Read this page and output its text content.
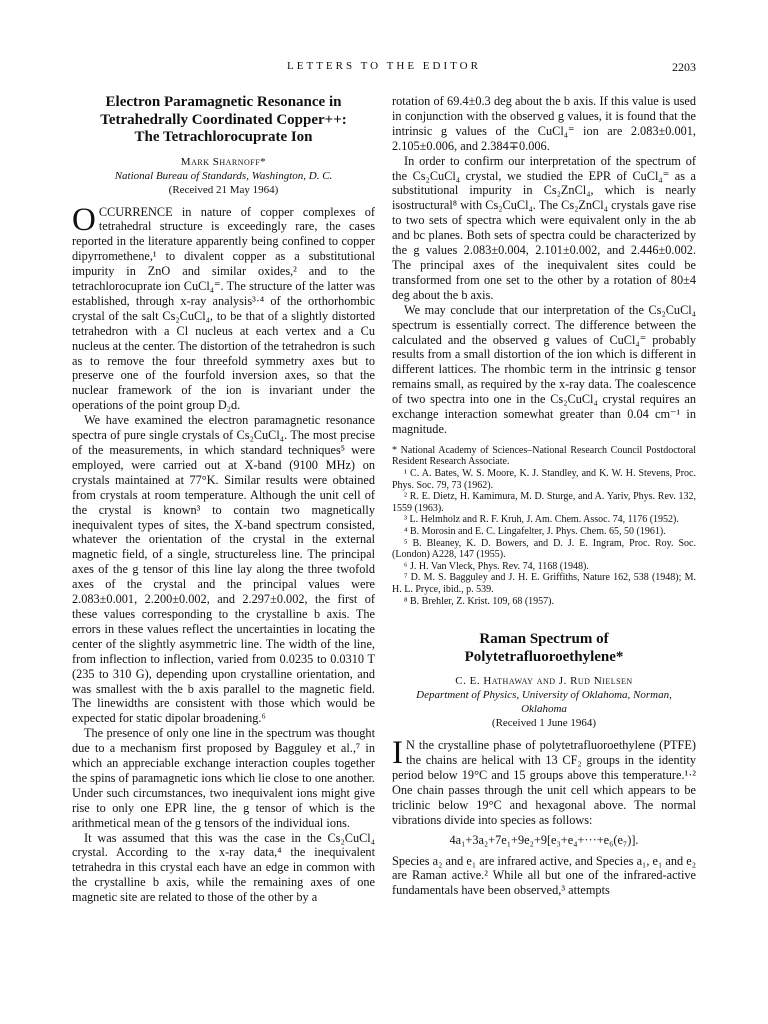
LETTERS TO THE EDITOR	2203
Electron Paramagnetic Resonance in
Tetrahedrally Coordinated Copper++:
The Tetrachlorocuprate Ion
Mark Sharnoff*
National Bureau of Standards, Washington, D. C.
(Received 21 May 1964)

OCCURRENCE in nature of copper complexes of tetrahedral structure is exceedingly rare, the cases reported in the literature apparently being confined to copper dipyrromethene,¹ to divalent copper as a substitutional impurity in ZnO and similar oxides,² and to the tetrachlorocuprate ion CuCl₄⁼. The structure of the latter was established, through x-ray analysis³·⁴ of the orthorhombic crystal of the salt Cs₂CuCl₄, to be that of a slightly distorted tetrahedron with a Cl nucleus at each vertex and a Cu nucleus at the center. The distortion of the tetrahedron is such as to remove the four threefold symmetry axes but to preserve one of the fourfold inversion axes, so that the nuclear framework of the ion is invariant under the operations of the point group D₂d.

We have examined the electron paramagnetic resonance spectra of pure single crystals of Cs₂CuCl₄. The most precise of the measurements, in which standard techniques⁵ were employed, were carried out at X-band (9100 MHz) on crystals maintained at 77°K. Similar results were obtained from crystals at room temperature. Although the unit cell of the crystal is known³ to contain two magnetically inequivalent types of sites, the X-band spectrum consisted, whatever the orientation of the crystal in the external magnetic field, of a single, structureless line. The principal axes of the g tensor of this line lay along the three twofold axes of the crystal and the principal values were 2.083±0.001, 2.200±0.002, and 2.297±0.002, the first of these values corresponding to the crystalline b axis. The errors in these values reflect the uncertainties in locating the center of the slightly asymmetric line. The width of the line, from inflection to inflection, varied from 0.0235 to 0.0310 T (235 to 310 G), depending upon crystalline orientation, and was smallest with the b axis parallel to the magnetic field. The linewidths are consistent with those which would be expected for static dipolar broadening.⁶

The presence of only one line in the spectrum was thought due to a mechanism first proposed by Bagguley et al.,⁷ in which an appreciable exchange interaction couples together the spins of paramagnetic ions which lie close to one another. Under such circumstances, two inequivalent ions might give rise to only one EPR line, the g tensor of which is the arithmetical mean of the g tensors of the individual ions.

It was assumed that this was the case in the Cs₂CuCl₄ crystal. According to the x-ray data,⁴ the inequivalent tetrahedra in this crystal each have an edge in common with the crystalline b axis, while the remaining axes of one magnetic site are related to those of the other by a

rotation of 69.4±0.3 deg about the b axis. If this value is used in conjunction with the observed g values, it is found that the intrinsic g values of the CuCl₄⁼ ion are 2.083±0.001, 2.105±0.006, and 2.384∓0.006.

In order to confirm our interpretation of the spectrum of the Cs₂CuCl₄ crystal, we studied the EPR of CuCl₄⁼ as a substitutional impurity in Cs₂ZnCl₄, which is nearly isostructural⁸ with Cs₂CuCl₄. The Cs₂ZnCl₄ crystals gave rise to two sets of spectra which were equivalent only in the ab and bc planes. Both sets of spectra could be characterized by the g values 2.083±0.004, 2.101±0.002, and 2.446±0.002. The principal axes of the inequivalent sites could be transformed from one set to the other by a rotation of 80±4 deg about the b axis.

We may conclude that our interpretation of the Cs₂CuCl₄ spectrum is essentially correct. The difference between the calculated and the observed g values of CuCl₄⁼ probably results from a small distortion of the ion which is different in different lattices. The rhombic term in the intrinsic g tensor remains small, as required by the x-ray data. The coalescence of two spectra into one in the Cs₂CuCl₄ crystal requires an exchange interaction somewhat greater than 0.04 cm⁻¹ in magnitude.

* National Academy of Sciences–National Research Council Postdoctoral Resident Research Associate.

¹ C. A. Bates, W. S. Moore, K. J. Standley, and K. W. H. Stevens, Proc. Phys. Soc. 79, 73 (1962).

² R. E. Dietz, H. Kamimura, M. D. Sturge, and A. Yariv, Phys. Rev. 132, 1559 (1963).

³ L. Helmholz and R. F. Kruh, J. Am. Chem. Assoc. 74, 1176 (1952).

⁴ B. Morosin and E. C. Lingafelter, J. Phys. Chem. 65, 50 (1961).

⁵ B. Bleaney, K. D. Bowers, and D. J. E. Ingram, Proc. Roy. Soc. (London) A228, 147 (1955).

⁶ J. H. Van Vleck, Phys. Rev. 74, 1168 (1948).

⁷ D. M. S. Bagguley and J. H. E. Griffiths, Nature 162, 538 (1948); M. H. L. Pryce, ibid., p. 539.

⁸ B. Brehler, Z. Krist. 109, 68 (1957).

Raman Spectrum of
Polytetrafluoroethylene*
C. E. Hathaway and J. Rud Nielsen
Department of Physics, University of Oklahoma, Norman, Oklahoma
(Received 1 June 1964)

I N the crystalline phase of polytetrafluoroethylene (PTFE) the chains are helical with 13 CF₂ groups in the identity period below 19°C and 15 groups above this temperature.¹·² One chain passes through the unit cell which appears to be triclinic below 19°C and hexagonal above. The normal vibrations divide into species as follows:

4a₁+3a₂+7e₁+9e₂+9[e₃+e₄+···+e₆(e₇)].

Species a₂ and e₁ are infrared active, and Species a₁, e₁ and e₂ are Raman active.² While all but one of the infrared-active fundamentals have been observed,³ attempts
